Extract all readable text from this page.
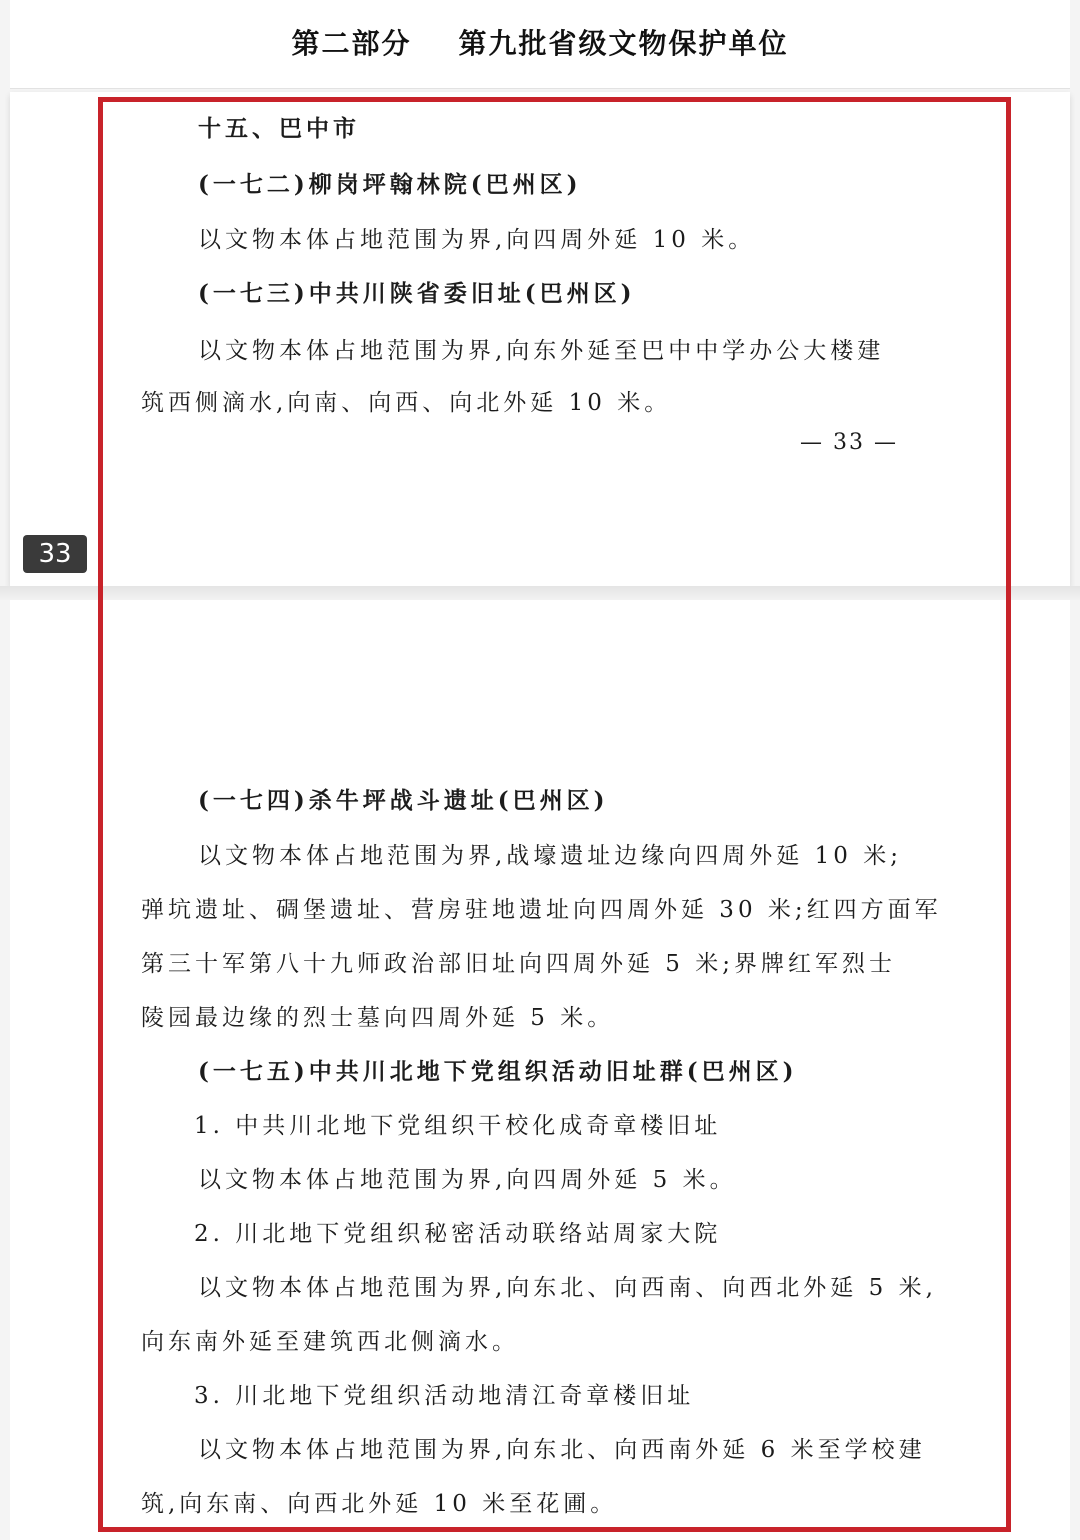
第二部分    第九批省级文物保护单位
十五、巴中市
(一七二)柳岗坪翰林院(巴州区)
以文物本体占地范围为界,向四周外延 10 米。
(一七三)中共川陕省委旧址(巴州区)
以文物本体占地范围为界,向东外延至巴中中学办公大楼建
筑西侧滴水,向南、向西、向北外延 10 米。
— 33 —
(一七四)杀牛坪战斗遗址(巴州区)
以文物本体占地范围为界,战壕遗址边缘向四周外延 10 米;
弹坑遗址、碉堡遗址、营房驻地遗址向四周外延 30 米;红四方面军
第三十军第八十九师政治部旧址向四周外延 5 米;界牌红军烈士
陵园最边缘的烈士墓向四周外延 5 米。
(一七五)中共川北地下党组织活动旧址群(巴州区)
1. 中共川北地下党组织干校化成奇章楼旧址
以文物本体占地范围为界,向四周外延 5 米。
2. 川北地下党组织秘密活动联络站周家大院
以文物本体占地范围为界,向东北、向西南、向西北外延 5 米,
向东南外延至建筑西北侧滴水。
3. 川北地下党组织活动地清江奇章楼旧址
以文物本体占地范围为界,向东北、向西南外延 6 米至学校建
筑,向东南、向西北外延 10 米至花圃。
33
